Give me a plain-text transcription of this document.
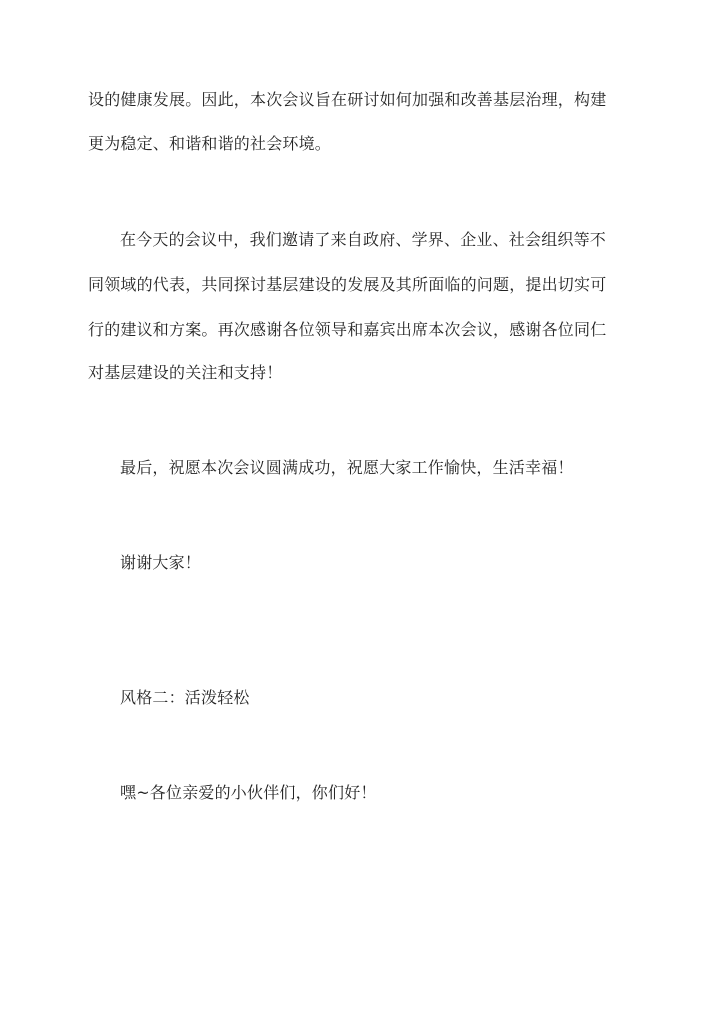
设的健康发展。因此，本次会议旨在研讨如何加强和改善基层治理，构建
更为稳定、和谐和谐的社会环境。
在今天的会议中，我们邀请了来自政府、学界、企业、社会组织等不
同领域的代表，共同探讨基层建设的发展及其所面临的问题，提出切实可
行的建议和方案。再次感谢各位领导和嘉宾出席本次会议，感谢各位同仁
对基层建设的关注和支持！
最后，祝愿本次会议圆满成功，祝愿大家工作愉快，生活幸福！
谢谢大家！
风格二：活泼轻松
嘿~各位亲爱的小伙伴们，你们好！
